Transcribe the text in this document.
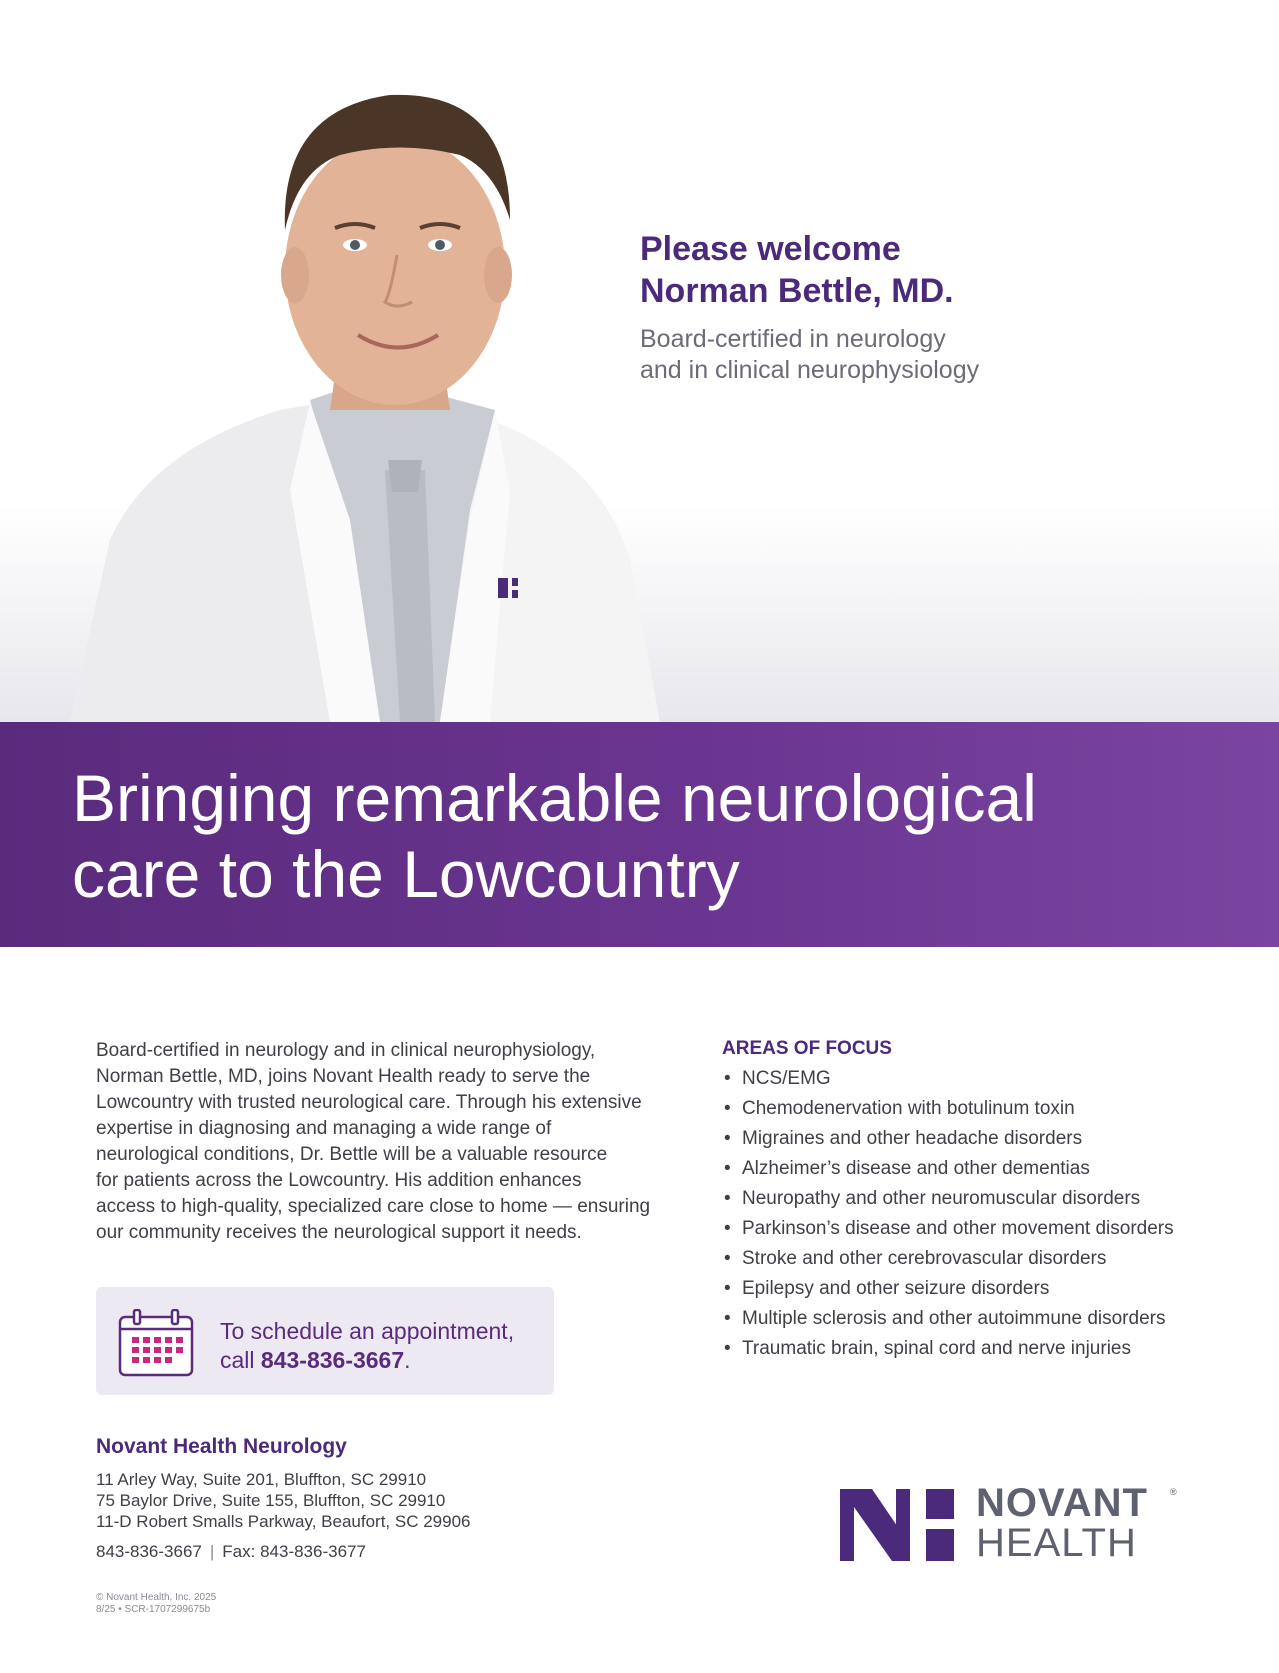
Please welcome
Norman Bettle, MD.

Board-certified in neurology
and in clinical neurophysiology

Bringing remarkable neurological
care to the Lowcountry

Board-certified in neurology and in clinical neurophysiology,
Norman Bettle, MD, joins Novant Health ready to serve the
Lowcountry with trusted neurological care. Through his extensive
expertise in diagnosing and managing a wide range of
neurological conditions, Dr. Bettle will be a valuable resource
for patients across the Lowcountry. His addition enhances
access to high-quality, specialized care close to home — ensuring
our community receives the neurological support it needs.

To schedule an appointment,
call 843-836-3667.
Novant Health Neurology
11 Arley Way, Suite 201, Bluffton, SC 29910
75 Baylor Drive, Suite 155, Bluffton, SC 29910
11-D Robert Smalls Parkway, Beaufort, SC 29906
843-836-3667 | Fax: 843-836-3677
© Novant Health, Inc. 2025
8/25 • SCR-1707299675b
AREAS OF FOCUS
• NCS/EMG
• Chemodenervation with botulinum toxin
• Migraines and other headache disorders
• Alzheimer’s disease and other dementias
• Neuropathy and other neuromuscular disorders
• Parkinson’s disease and other movement disorders
• Stroke and other cerebrovascular disorders
• Epilepsy and other seizure disorders
• Multiple sclerosis and other autoimmune disorders
• Traumatic brain, spinal cord and nerve injuries
NOVANT
HEALTH
®
